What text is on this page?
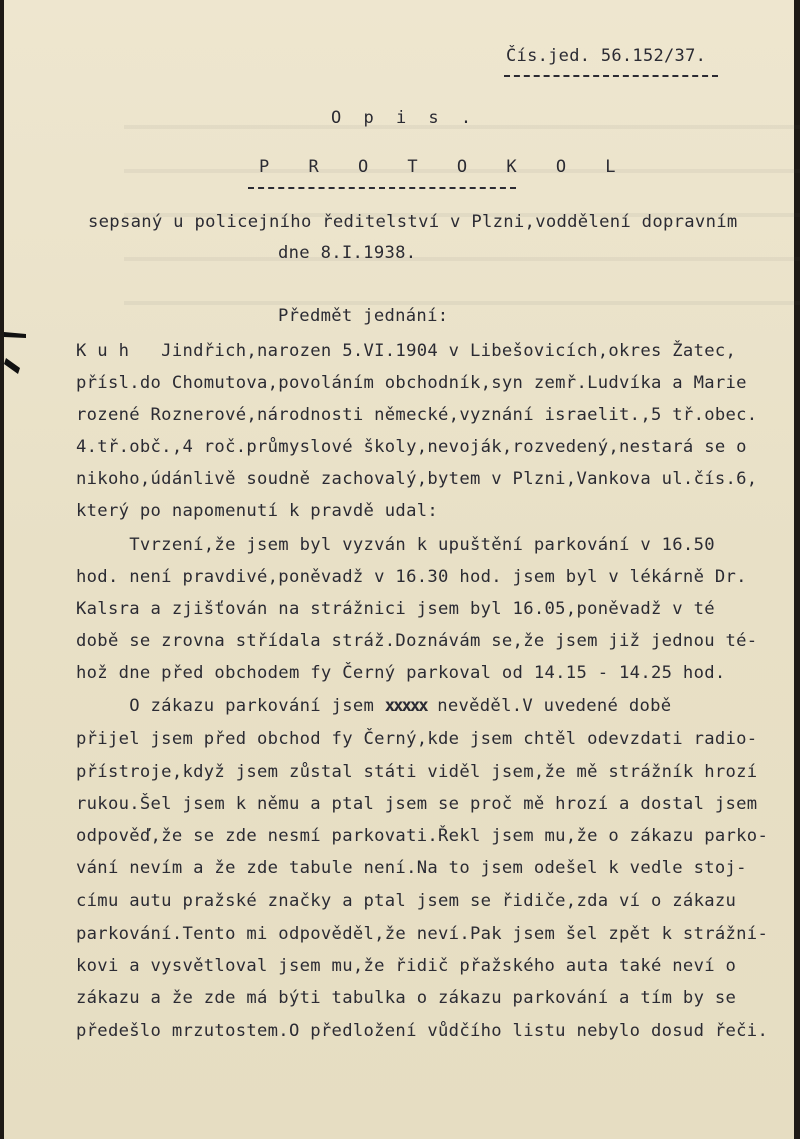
Čís.jed. 56.152/37.
O p i s .
P R O T O K O L
sepsaný u policejního ředitelství v Plzni,voddělení dopravním
dne 8.I.1938.
Předmět jednání:
K u h   Jindřich,narozen 5.VI.1904 v Libešovicích,okres Žatec,
přísl.do Chomutova,povoláním obchodník,syn zemř.Ludvíka a Marie
rozené Roznerové,národnosti německé,vyznání israelit.,5 tř.obec.
4.tř.obč.,4 roč.průmyslové školy,nevoják,rozvedený,nestará se o
nikoho,údánlivě soudně zachovalý,bytem v Plzni,Vankova ul.čís.6,
který po napomenutí k pravdě udal:
Tvrzení,že jsem byl vyzván k upuštění parkování v 16.50
hod. není pravdivé,poněvadž v 16.30 hod. jsem byl v lékárně Dr.
Kalsra a zjišťován na strážnici jsem byl 16.05,poněvadž v té
době se zrovna střídala stráž.Doznávám se,že jsem již jednou té-
hož dne před obchodem fy Černý parkoval od 14.15 - 14.25 hod.
O zákazu parkování jsem xxxxx nevěděl.V uvedené době
přijel jsem před obchod fy Černý,kde jsem chtěl odevzdati radio-
přístroje,když jsem zůstal státi viděl jsem,že mě strážník hrozí
rukou.Šel jsem k němu a ptal jsem se proč mě hrozí a dostal jsem
odpověď,že se zde nesmí parkovati.Řekl jsem mu,že o zákazu parko-
vání nevím a že zde tabule není.Na to jsem odešel k vedle stoj-
címu autu pražské značky a ptal jsem se řidiče,zda ví o zákazu
parkování.Tento mi odpověděl,že neví.Pak jsem šel zpět k strážní-
kovi a vysvětloval jsem mu,že řidič přažského auta také neví o
zákazu a že zde má býti tabulka o zákazu parkování a tím by se
předešlo mrzutostem.O předložení vůdčího listu nebylo dosud řeči.
